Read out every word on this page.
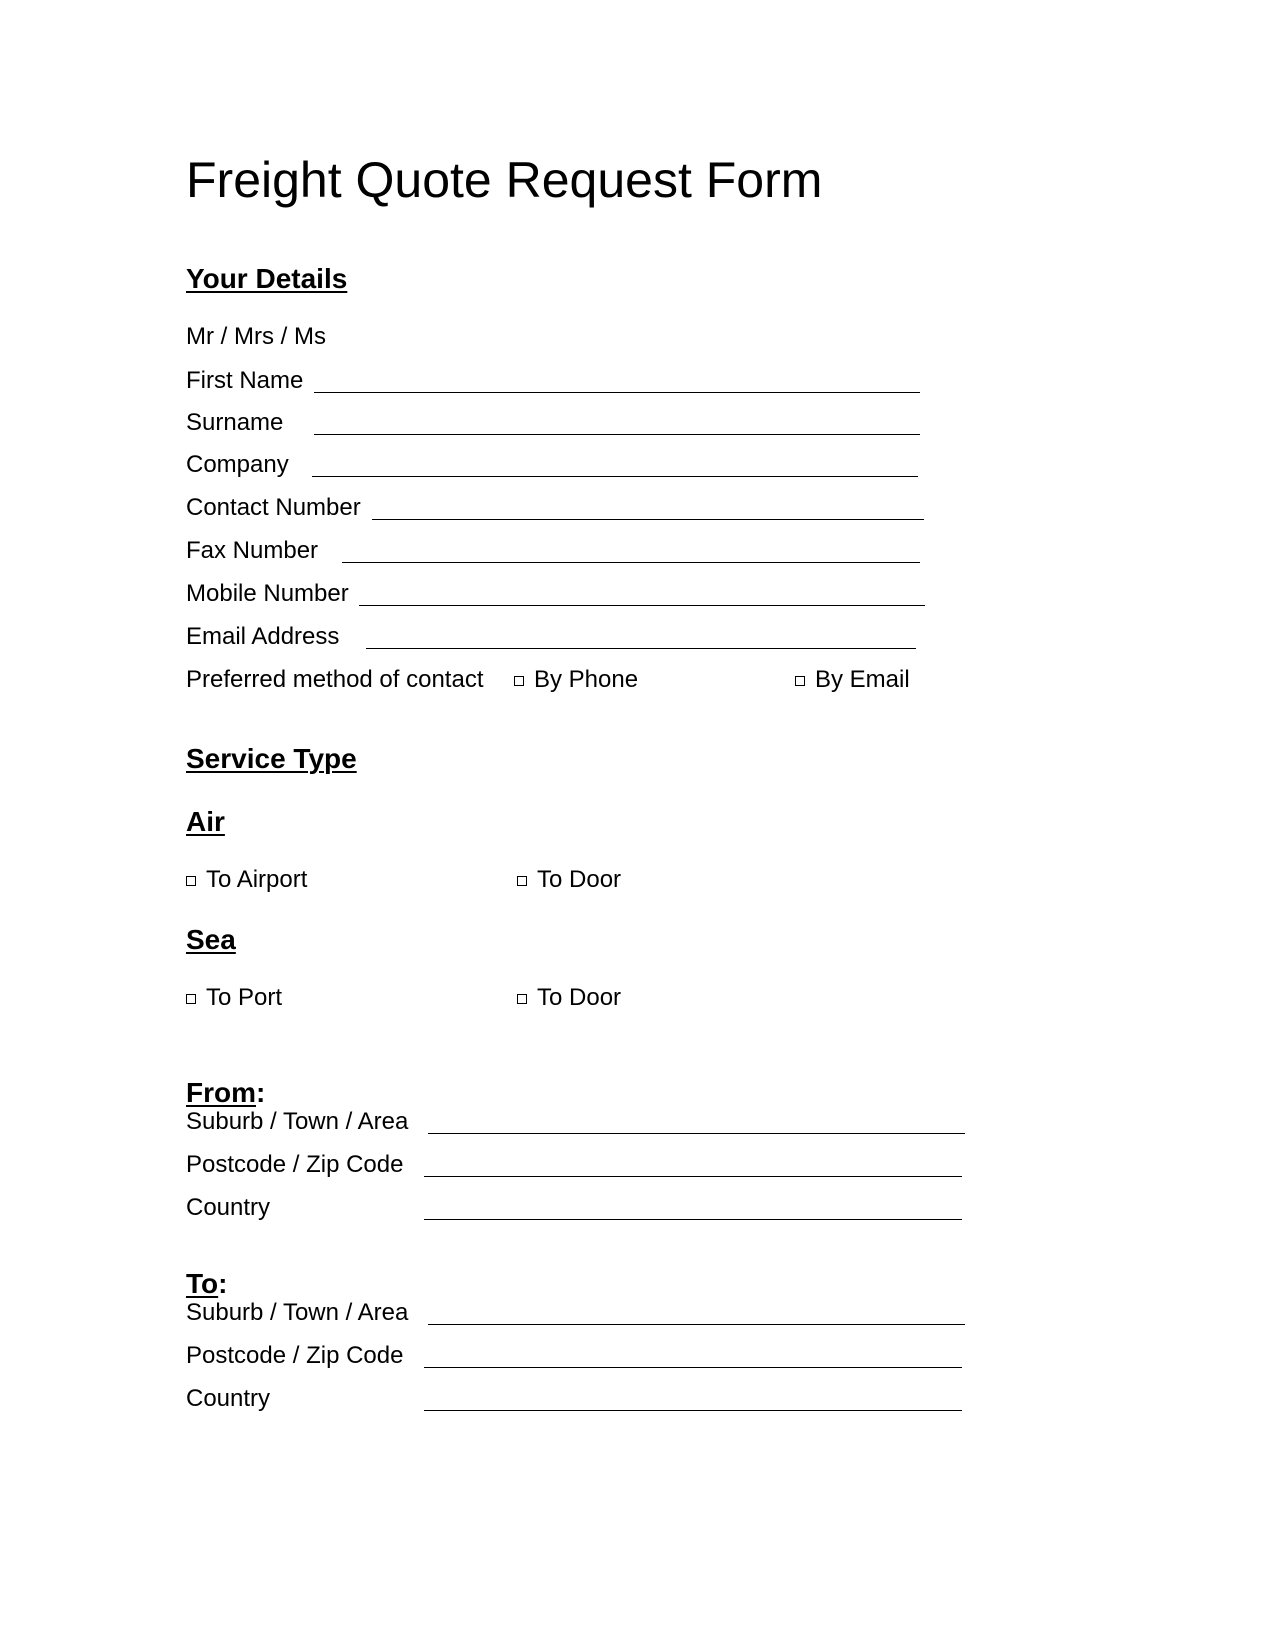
Freight Quote Request Form
Your Details
Mr / Mrs / Ms
First Name
Surname
Company
Contact Number
Fax Number
Mobile Number
Email Address
Preferred method of contact	By Phone	By Email
Service Type
Air
To Airport	To Door
Sea
To Port	To Door
From:
Suburb / Town / Area
Postcode / Zip Code
Country
To:
Suburb / Town / Area
Postcode / Zip Code
Country
